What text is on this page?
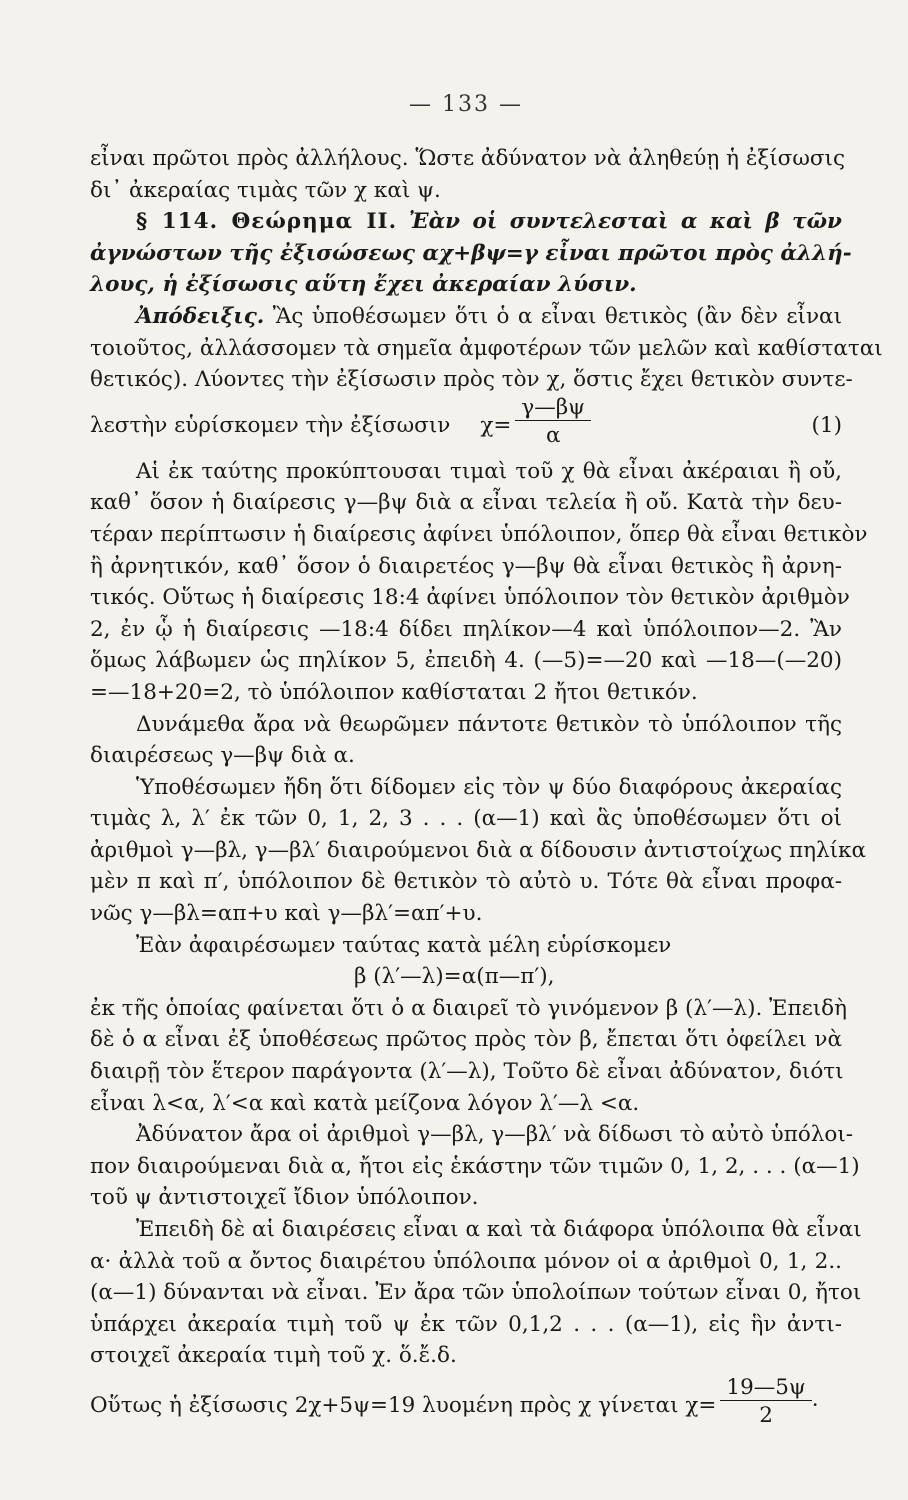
— 133 —
εἶναι πρῶτοι πρὸς ἀλλήλους. Ὥστε ἀδύνατον νὰ ἀληθεύῃ ἡ ἐξίσωσις
δι᾽ ἀκεραίας τιμὰς τῶν χ καὶ ψ.
§ 114. Θεώρημα II. Ἐὰν οἱ συντελεσταὶ α καὶ β τῶν
ἀγνώστων τῆς ἐξισώσεως αχ+βψ=γ εἶναι πρῶτοι πρὸς ἀλλή-
λους, ἡ ἐξίσωσις αὕτη ἔχει ἀκεραίαν λύσιν.
Ἀπόδειξις. Ἂς ὑποθέσωμεν ὅτι ὁ α εἶναι θετικὸς (ἂν δὲν εἶναι
τοιοῦτος, ἀλλάσσομεν τὰ σημεῖα ἀμφοτέρων τῶν μελῶν καὶ καθίσταται
θετικός). Λύοντες τὴν ἐξίσωσιν πρὸς τὸν χ, ὅστις ἔχει θετικὸν συντε-
λεστὴν εὑρίσκομεν τὴν ἐξίσωσιν $\chi= \frac{\gamma—\beta\psi}{\alpha}$	(1)
Αἱ ἐκ ταύτης προκύπτουσαι τιμαὶ τοῦ χ θὰ εἶναι ἀκέραιαι ἢ οὔ,
καθ᾽ ὅσον ἡ διαίρεσις γ—βψ διὰ α εἶναι τελεία ἢ οὔ. Κατὰ τὴν δευ-
τέραν περίπτωσιν ἡ διαίρεσις ἀφίνει ὑπόλοιπον, ὅπερ θὰ εἶναι θετικὸν
ἢ ἀρνητικόν, καθ᾽ ὅσον ὁ διαιρετέος γ—βψ θὰ εἶναι θετικὸς ἢ ἀρνη-
τικός. Οὕτως ἡ διαίρεσις 18:4 ἀφίνει ὑπόλοιπον τὸν θετικὸν ἀριθμὸν
2, ἐν ᾧ ἡ διαίρεσις —18:4 δίδει πηλίκον—4 καὶ ὑπόλοιπον—2. Ἂν
ὅμως λάβωμεν ὡς πηλίκον 5, ἐπειδὴ 4. (—5)=—20 καὶ —18—(—20)
=—18+20=2, τὸ ὑπόλοιπον καθίσταται 2 ἤτοι θετικόν.
Δυνάμεθα ἄρα νὰ θεωρῶμεν πάντοτε θετικὸν τὸ ὑπόλοιπον τῆς
διαιρέσεως γ—βψ διὰ α.
Ὑποθέσωμεν ἤδη ὅτι δίδομεν εἰς τὸν ψ δύο διαφόρους ἀκεραίας
τιμὰς λ, λ′ ἐκ τῶν 0, 1, 2, 3 . . . (α—1) καὶ ἃς ὑποθέσωμεν ὅτι οἱ
ἀριθμοὶ γ—βλ, γ—βλ′ διαιρούμενοι διὰ α δίδουσιν ἀντιστοίχως πηλίκα
μὲν π καὶ π′, ὑπόλοιπον δὲ θετικὸν τὸ αὐτὸ υ. Τότε θὰ εἶναι προφα-
νῶς γ—βλ=απ+υ καὶ γ—βλ′=απ′+υ.
Ἐὰν ἀφαιρέσωμεν ταύτας κατὰ μέλη εὑρίσκομεν
β (λ′—λ)=α(π—π′),
ἐκ τῆς ὁποίας φαίνεται ὅτι ὁ α διαιρεῖ τὸ γινόμενον β (λ′—λ). Ἐπειδὴ
δὲ ὁ α εἶναι ἐξ ὑποθέσεως πρῶτος πρὸς τὸν β, ἔπεται ὅτι ὀφείλει νὰ
διαιρῇ τὸν ἕτερον παράγοντα (λ′—λ), Τοῦτο δὲ εἶναι ἀδύνατον, διότι
εἶναι λ<α, λ′<α καὶ κατὰ μείζονα λόγον λ′—λ <α.
Ἀδύνατον ἄρα οἱ ἀριθμοὶ γ—βλ, γ—βλ′ νὰ δίδωσι τὸ αὐτὸ ὑπόλοι-
πον διαιρούμεναι διὰ α, ἤτοι εἰς ἑκάστην τῶν τιμῶν 0, 1, 2, . . . (α—1)
τοῦ ψ ἀντιστοιχεῖ ἴδιον ὑπόλοιπον.
Ἐπειδὴ δὲ αἱ διαιρέσεις εἶναι α καὶ τὰ διάφορα ὑπόλοιπα θὰ εἶναι
α· ἀλλὰ τοῦ α ὄντος διαιρέτου ὑπόλοιπα μόνον οἱ α ἀριθμοὶ 0, 1, 2..
(α—1) δύνανται νὰ εἶναι. Ἐν ἄρα τῶν ὑπολοίπων τούτων εἶναι 0, ἤτοι
ὑπάρχει ἀκεραία τιμὴ τοῦ ψ ἐκ τῶν 0,1,2 . . . (α—1), εἰς ἣν ἀντι-
στοιχεῖ ἀκεραία τιμὴ τοῦ χ. ὅ.ἔ.δ.
Οὕτως ἡ ἐξίσωσις 2χ+5ψ=19 λυομένη πρὸς χ γίνεται $\chi= \frac{19—5\psi}{2}$ ·
